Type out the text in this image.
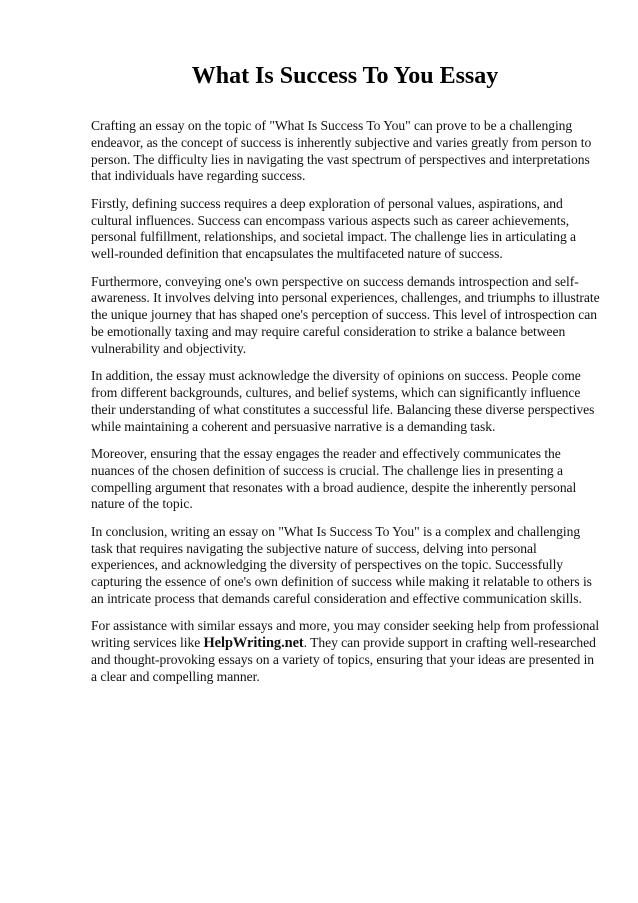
What Is Success To You Essay

Crafting an essay on the topic of "What Is Success To You" can prove to be a challenging endeavor, as the concept of success is inherently subjective and varies greatly from person to person. The difficulty lies in navigating the vast spectrum of perspectives and interpretations that individuals have regarding success.

Firstly, defining success requires a deep exploration of personal values, aspirations, and cultural influences. Success can encompass various aspects such as career achievements, personal fulfillment, relationships, and societal impact. The challenge lies in articulating a well-rounded definition that encapsulates the multifaceted nature of success.

Furthermore, conveying one's own perspective on success demands introspection and self-awareness. It involves delving into personal experiences, challenges, and triumphs to illustrate the unique journey that has shaped one's perception of success. This level of introspection can be emotionally taxing and may require careful consideration to strike a balance between vulnerability and objectivity.

In addition, the essay must acknowledge the diversity of opinions on success. People come from different backgrounds, cultures, and belief systems, which can significantly influence their understanding of what constitutes a successful life. Balancing these diverse perspectives while maintaining a coherent and persuasive narrative is a demanding task.

Moreover, ensuring that the essay engages the reader and effectively communicates the nuances of the chosen definition of success is crucial. The challenge lies in presenting a compelling argument that resonates with a broad audience, despite the inherently personal nature of the topic.

In conclusion, writing an essay on "What Is Success To You" is a complex and challenging task that requires navigating the subjective nature of success, delving into personal experiences, and acknowledging the diversity of perspectives on the topic. Successfully capturing the essence of one's own definition of success while making it relatable to others is an intricate process that demands careful consideration and effective communication skills.

For assistance with similar essays and more, you may consider seeking help from professional writing services like HelpWriting.net. They can provide support in crafting well-researched and thought-provoking essays on a variety of topics, ensuring that your ideas are presented in a clear and compelling manner.
